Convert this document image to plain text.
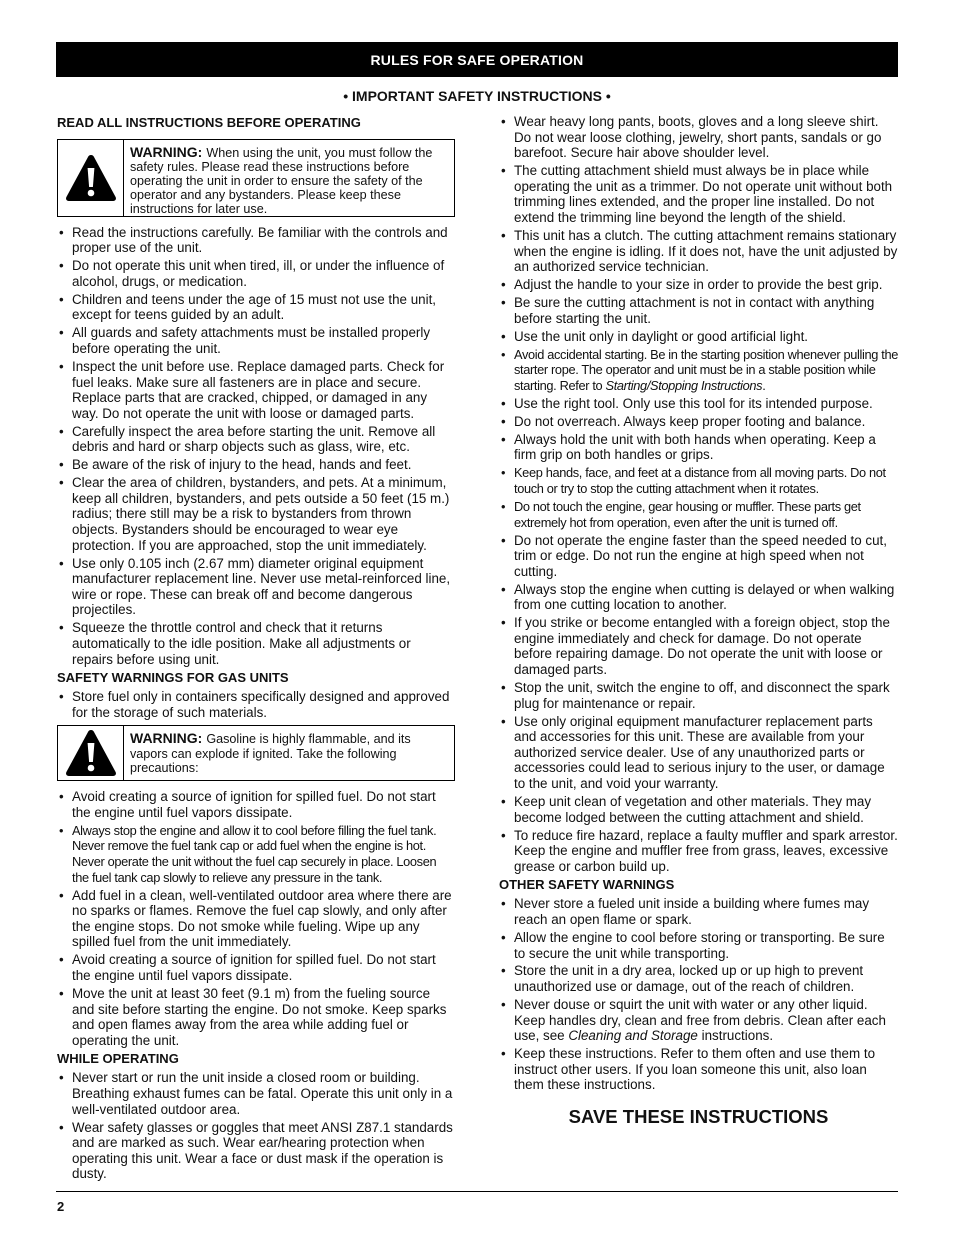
RULES FOR SAFE OPERATION
• IMPORTANT SAFETY INSTRUCTIONS •
READ ALL INSTRUCTIONS BEFORE OPERATING
WARNING: When using the unit, you must follow the safety rules. Please read these instructions before operating the unit in order to ensure the safety of the operator and any bystanders. Please keep these instructions for later use.
• Read the instructions carefully. Be familiar with the controls and proper use of the unit.
• Do not operate this unit when tired, ill, or under the influence of alcohol, drugs, or medication.
• Children and teens under the age of 15 must not use the unit, except for teens guided by an adult.
• All guards and safety attachments must be installed properly before operating the unit.
• Inspect the unit before use. Replace damaged parts. Check for fuel leaks. Make sure all fasteners are in place and secure. Replace parts that are cracked, chipped, or damaged in any way. Do not operate the unit with loose or damaged parts.
• Carefully inspect the area before starting the unit. Remove all debris and hard or sharp objects such as glass, wire, etc.
• Be aware of the risk of injury to the head, hands and feet.
• Clear the area of children, bystanders, and pets. At a minimum, keep all children, bystanders, and pets outside a 50 feet (15 m.) radius; there still may be a risk to bystanders from thrown objects. Bystanders should be encouraged to wear eye protection. If you are approached, stop the unit immediately.
• Use only 0.105 inch (2.67 mm) diameter original equipment manufacturer replacement line. Never use metal-reinforced line, wire or rope. These can break off and become dangerous projectiles.
• Squeeze the throttle control and check that it returns automatically to the idle position. Make all adjustments or repairs before using unit.
SAFETY WARNINGS FOR GAS UNITS
• Store fuel only in containers specifically designed and approved for the storage of such materials.
WARNING: Gasoline is highly flammable, and its vapors can explode if ignited. Take the following precautions:
• Avoid creating a source of ignition for spilled fuel. Do not start the engine until fuel vapors dissipate.
• Always stop the engine and allow it to cool before filling the fuel tank. Never remove the fuel tank cap or add fuel when the engine is hot. Never operate the unit without the fuel cap securely in place. Loosen the fuel tank cap slowly to relieve any pressure in the tank.
• Add fuel in a clean, well-ventilated outdoor area where there are no sparks or flames. Remove the fuel cap slowly, and only after the engine stops. Do not smoke while fueling. Wipe up any spilled fuel from the unit immediately.
• Avoid creating a source of ignition for spilled fuel. Do not start the engine until fuel vapors dissipate.
• Move the unit at least 30 feet (9.1 m) from the fueling source and site before starting the engine. Do not smoke. Keep sparks and open flames away from the area while adding fuel or operating the unit.
WHILE OPERATING
• Never start or run the unit inside a closed room or building. Breathing exhaust fumes can be fatal. Operate this unit only in a well-ventilated outdoor area.
• Wear safety glasses or goggles that meet ANSI Z87.1 standards and are marked as such. Wear ear/hearing protection when operating this unit. Wear a face or dust mask if the operation is dusty.
• Wear heavy long pants, boots, gloves and a long sleeve shirt. Do not wear loose clothing, jewelry, short pants, sandals or go barefoot. Secure hair above shoulder level.
• The cutting attachment shield must always be in place while operating the unit as a trimmer. Do not operate unit without both trimming lines extended, and the proper line installed. Do not extend the trimming line beyond the length of the shield.
• This unit has a clutch. The cutting attachment remains stationary when the engine is idling. If it does not, have the unit adjusted by an authorized service technician.
• Adjust the handle to your size in order to provide the best grip.
• Be sure the cutting attachment is not in contact with anything before starting the unit.
• Use the unit only in daylight or good artificial light.
• Avoid accidental starting. Be in the starting position whenever pulling the starter rope. The operator and unit must be in a stable position while starting. Refer to Starting/Stopping Instructions.
• Use the right tool. Only use this tool for its intended purpose.
• Do not overreach. Always keep proper footing and balance.
• Always hold the unit with both hands when operating. Keep a firm grip on both handles or grips.
• Keep hands, face, and feet at a distance from all moving parts. Do not touch or try to stop the cutting attachment when it rotates.
• Do not touch the engine, gear housing or muffler. These parts get extremely hot from operation, even after the unit is turned off.
• Do not operate the engine faster than the speed needed to cut, trim or edge. Do not run the engine at high speed when not cutting.
• Always stop the engine when cutting is delayed or when walking from one cutting location to another.
• If you strike or become entangled with a foreign object, stop the engine immediately and check for damage. Do not operate before repairing damage. Do not operate the unit with loose or damaged parts.
• Stop the unit, switch the engine to off, and disconnect the spark plug for maintenance or repair.
• Use only original equipment manufacturer replacement parts and accessories for this unit. These are available from your authorized service dealer. Use of any unauthorized parts or accessories could lead to serious injury to the user, or damage to the unit, and void your warranty.
• Keep unit clean of vegetation and other materials. They may become lodged between the cutting attachment and shield.
• To reduce fire hazard, replace a faulty muffler and spark arrestor. Keep the engine and muffler free from grass, leaves, excessive grease or carbon build up.
OTHER SAFETY WARNINGS
• Never store a fueled unit inside a building where fumes may reach an open flame or spark.
• Allow the engine to cool before storing or transporting. Be sure to secure the unit while transporting.
• Store the unit in a dry area, locked up or up high to prevent unauthorized use or damage, out of the reach of children.
• Never douse or squirt the unit with water or any other liquid. Keep handles dry, clean and free from debris. Clean after each use, see Cleaning and Storage instructions.
• Keep these instructions. Refer to them often and use them to instruct other users. If you loan someone this unit, also loan them these instructions.
SAVE THESE INSTRUCTIONS
2
